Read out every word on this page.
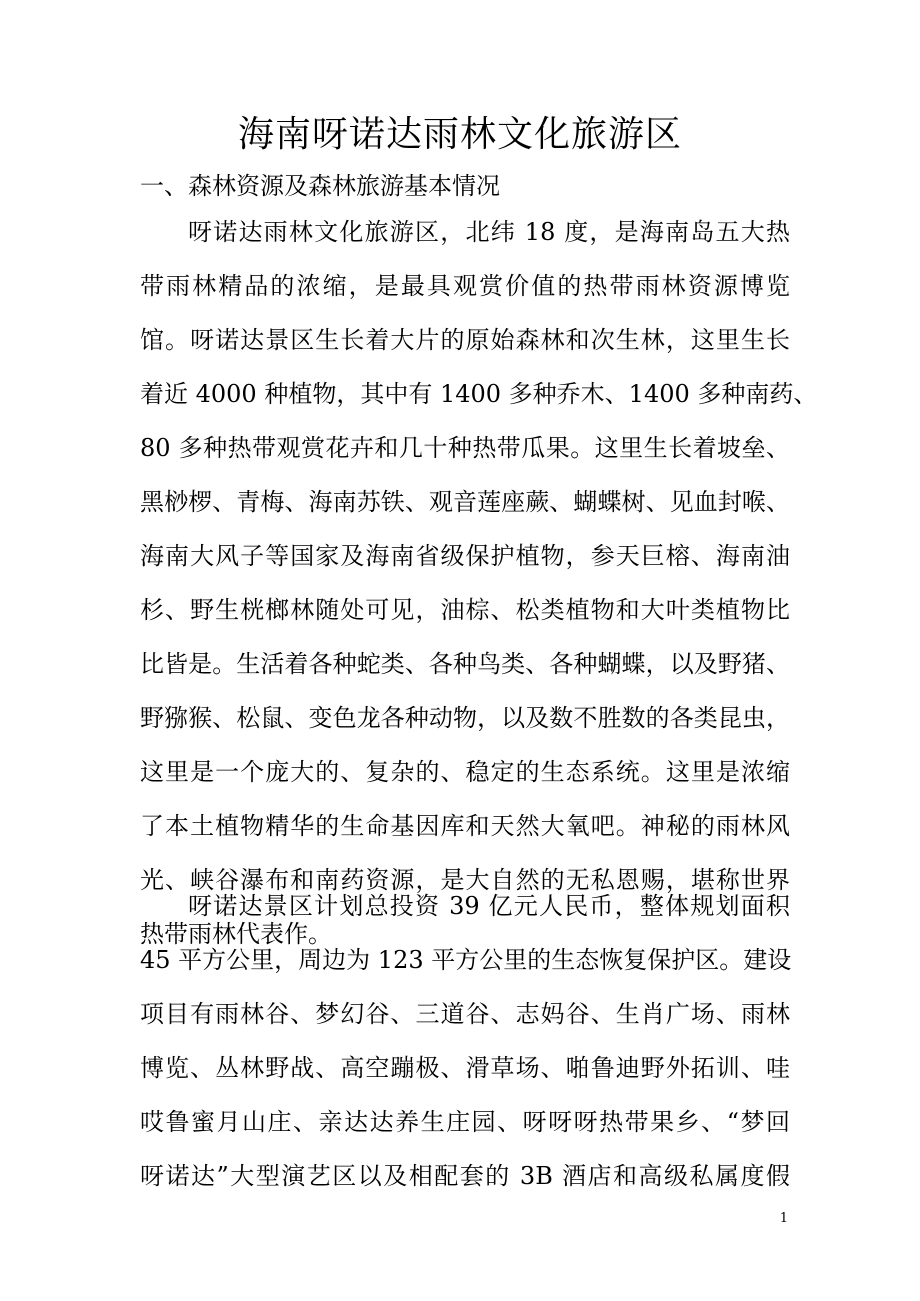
海南呀诺达雨林文化旅游区
一、森林资源及森林旅游基本情况
呀诺达雨林文化旅游区，北纬 18 度，是海南岛五大热
带雨林精品的浓缩，是最具观赏价值的热带雨林资源博览
馆。呀诺达景区生长着大片的原始森林和次生林，这里生长
着近 4000 种植物，其中有 1400 多种乔木、1400 多种南药、
80 多种热带观赏花卉和几十种热带瓜果。这里生长着坡垒、
黑桫椤、青梅、海南苏铁、观音莲座蕨、蝴蝶树、见血封喉、
海南大风子等国家及海南省级保护植物，参天巨榕、海南油
杉、野生桄榔林随处可见，油棕、松类植物和大叶类植物比
比皆是。生活着各种蛇类、各种鸟类、各种蝴蝶，以及野猪、
野猕猴、松鼠、变色龙各种动物，以及数不胜数的各类昆虫，
这里是一个庞大的、复杂的、稳定的生态系统。这里是浓缩
了本土植物精华的生命基因库和天然大氧吧。神秘的雨林风
光、峡谷瀑布和南药资源，是大自然的无私恩赐，堪称世界
热带雨林代表作。
呀诺达景区计划总投资 39 亿元人民币，整体规划面积
45 平方公里，周边为 123 平方公里的生态恢复保护区。建设
项目有雨林谷、梦幻谷、三道谷、志妈谷、生肖广场、雨林
博览、丛林野战、高空蹦极、滑草场、啪鲁迪野外拓训、哇
哎鲁蜜月山庄、亲达达养生庄园、呀呀呀热带果乡、“梦回
呀诺达”大型演艺区以及相配套的 3B 酒店和高级私属度假
1
